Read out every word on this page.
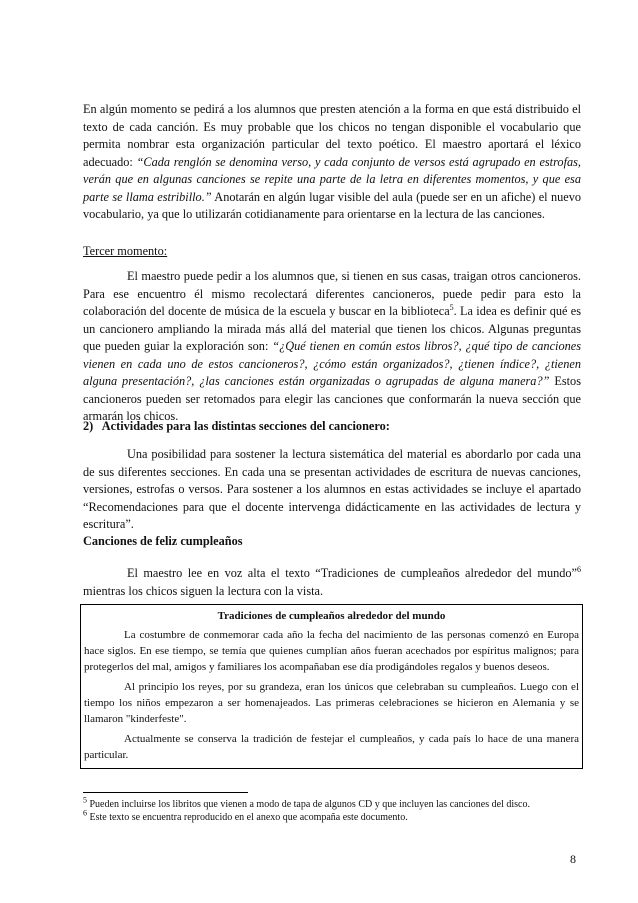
En algún momento se pedirá a los alumnos que presten atención a la forma en que está distribuido el texto de cada canción. Es muy probable que los chicos no tengan disponible el vocabulario que permita nombrar esta organización particular del texto poético. El maestro aportará el léxico adecuado: “Cada renglón se denomina verso, y cada conjunto de versos está agrupado en estrofas, verán que en algunas canciones se repite una parte de la letra en diferentes momentos, y que esa parte se llama estribillo.” Anotarán en algún lugar visible del aula (puede ser en un afiche) el nuevo vocabulario, ya que lo utilizarán cotidianamente para orientarse en la lectura de las canciones.

Tercer momento:

El maestro puede pedir a los alumnos que, si tienen en sus casas, traigan otros cancioneros. Para ese encuentro él mismo recolectará diferentes cancioneros, puede pedir para esto la colaboración del docente de música de la escuela y buscar en la biblioteca$^5$. La idea es definir qué es un cancionero ampliando la mirada más allá del material que tienen los chicos. Algunas preguntas que pueden guiar la exploración son: “¿Qué tienen en común estos libros?, ¿qué tipo de canciones vienen en cada uno de estos cancioneros?, ¿cómo están organizados?, ¿tienen índice?, ¿tienen alguna presentación?, ¿las canciones están organizadas o agrupadas de alguna manera?” Estos cancioneros pueden ser retomados para elegir las canciones que conformarán la nueva sección que armarán los chicos.

2)   Actividades para las distintas secciones del cancionero:

Una posibilidad para sostener la lectura sistemática del material es abordarlo por cada una de sus diferentes secciones. En cada una se presentan actividades de escritura de nuevas canciones, versiones, estrofas o versos. Para sostener a los alumnos en estas actividades se incluye el apartado “Recomendaciones para que el docente intervenga didácticamente en las actividades de lectura y escritura”.

Canciones de feliz cumpleaños

El maestro lee en voz alta el texto “Tradiciones de cumpleaños alrededor del mundo”$^6$ mientras los chicos siguen la lectura con la vista.

Tradiciones de cumpleaños alrededor del mundo

La costumbre de conmemorar cada año la fecha del nacimiento de las personas comenzó en Europa hace siglos. En ese tiempo, se temía que quienes cumplían años fueran acechados por espíritus malignos; para protegerlos del mal, amigos y familiares los acompañaban ese día prodigándoles regalos y buenos deseos.

Al principio los reyes, por su grandeza, eran los únicos que celebraban su cumpleaños. Luego con el tiempo los niños empezaron a ser homenajeados. Las primeras celebraciones se hicieron en Alemania y se llamaron "kinderfeste".

Actualmente se conserva la tradición de festejar el cumpleaños, y cada país lo hace de una manera particular.

$^5$ Pueden incluirse los libritos que vienen a modo de tapa de algunos CD y que incluyen las canciones del disco.
$^6$ Este texto se encuentra reproducido en el anexo que acompaña este documento.
8
